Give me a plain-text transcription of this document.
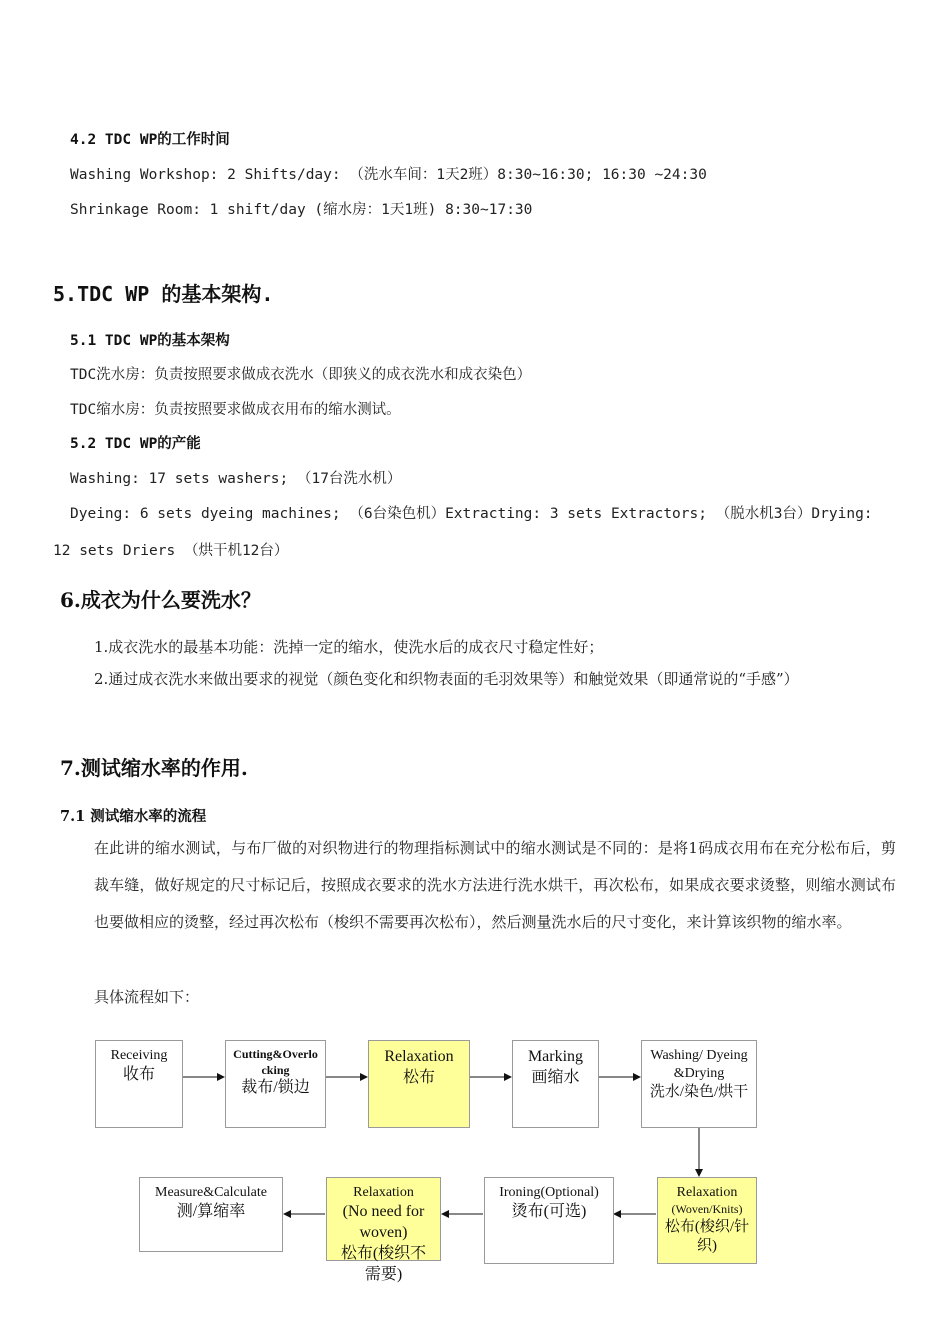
4.2 TDC WP的工作时间
Washing Workshop: 2 Shifts/day: （洗水车间：1天2班）8:30~16:30; 16:30 ~24:30
Shrinkage Room: 1 shift/day (缩水房：1天1班) 8:30~17:30
5.TDC WP 的基本架构.
5.1 TDC WP的基本架构
TDC洗水房：负责按照要求做成衣洗水（即狭义的成衣洗水和成衣染色）
TDC缩水房：负责按照要求做成衣用布的缩水测试。
5.2 TDC WP的产能
Washing: 17 sets washers; （17台洗水机）
Dyeing: 6 sets dyeing machines; （6台染色机）Extracting: 3 sets Extractors; （脱水机3台）Drying:
12 sets Driers （烘干机12台）
6.成衣为什么要洗水？
1.成衣洗水的最基本功能：洗掉一定的缩水，使洗水后的成衣尺寸稳定性好；
2.通过成衣洗水来做出要求的视觉（颜色变化和织物表面的毛羽效果等）和触觉效果（即通常说的“手感”）
7.测试缩水率的作用.
7.1 测试缩水率的流程
在此讲的缩水测试，与布厂做的对织物进行的物理指标测试中的缩水测试是不同的：是将1码成衣用布在充分松布后，剪裁车缝，做好规定的尺寸标记后，按照成衣要求的洗水方法进行洗水烘干，再次松布，如果成衣要求烫整，则缩水测试布也要做相应的烫整，经过再次松布（梭织不需要再次松布），然后测量洗水后的尺寸变化，来计算该织物的缩水率。
具体流程如下：
Receiving
收布
Cutting&Overlocking
裁布/锁边
Relaxation
松布
Marking
画缩水
Washing/ Dyeing&Drying
洗水/染色/烘干
Measure&Calculate
测/算缩率
Relaxation
(No need for woven)
松布(梭织不需要)
Ironing(Optional)
烫布(可选)
Relaxation
(Woven/Knits)
松布(梭织/针织)
